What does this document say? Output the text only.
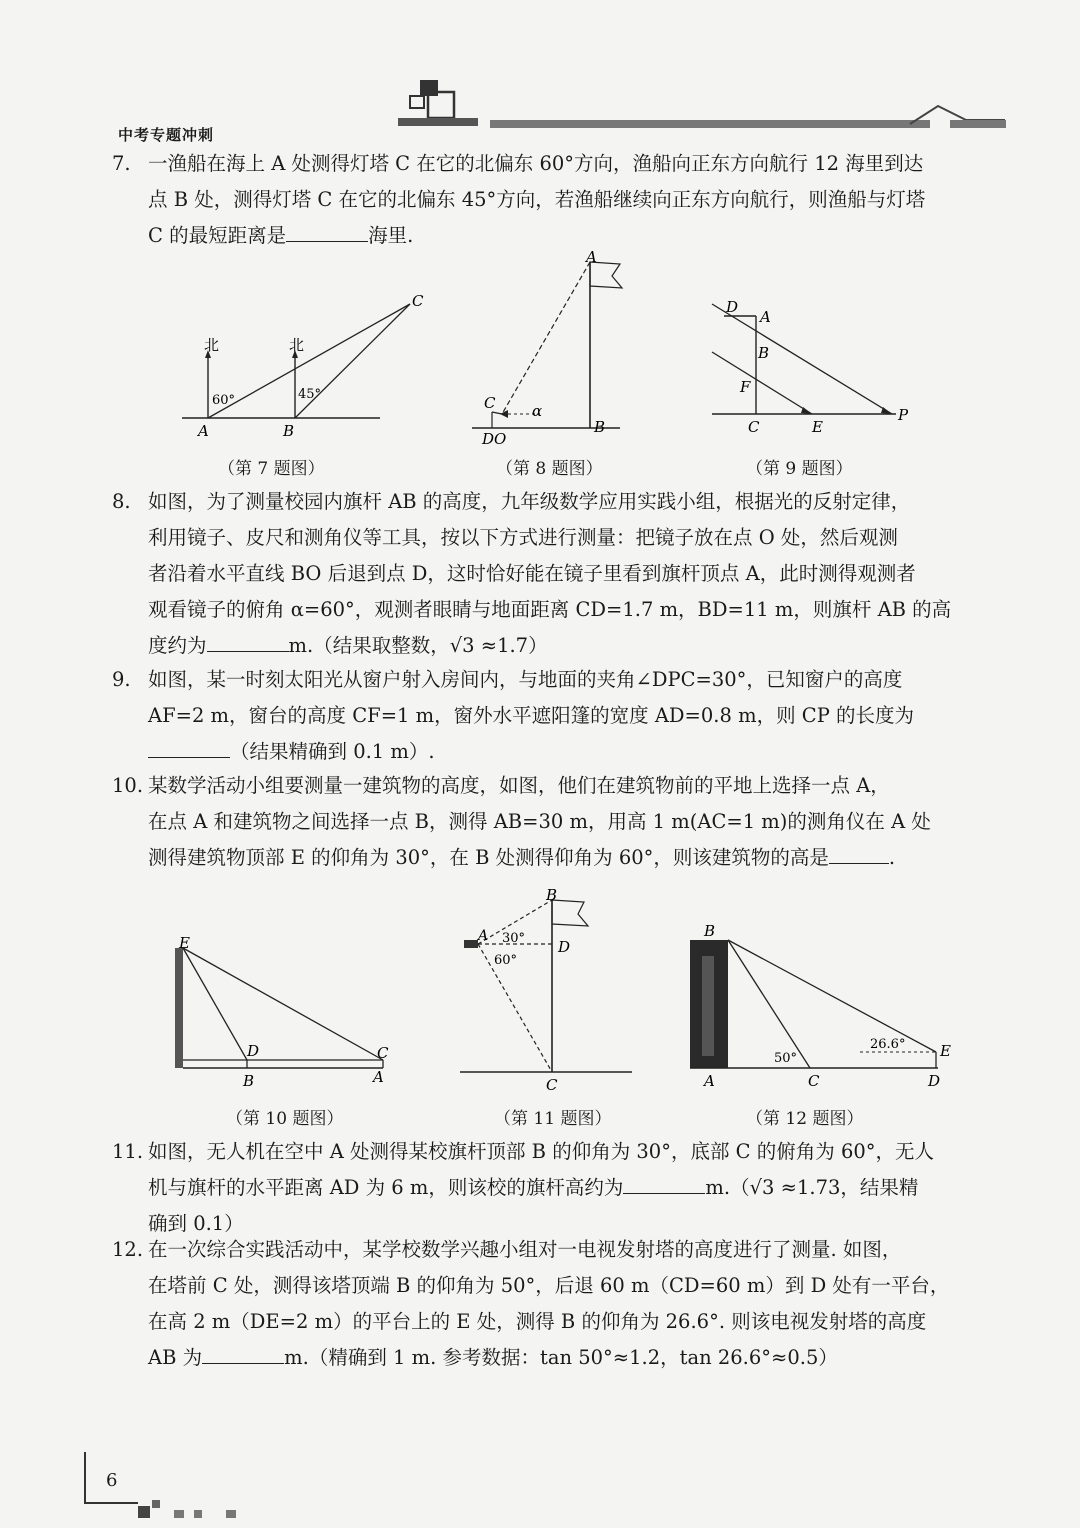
中考专题冲刺
7. 一渔船在海上 A 处测得灯塔 C 在它的北偏东 60°方向，渔船向正东方向航行 12 海里到达
点 B 处，测得灯塔 C 在它的北偏东 45°方向，若渔船继续向正东方向航行，则渔船与灯塔
C 的最短距离是	海里.
北	北
60°	45°
A	B
C
（第 7 题图）
A
B
C
D O
α
（第 8 题图）
D
A
B
F
C	E
P
（第 9 题图）
8. 如图，为了测量校园内旗杆 AB 的高度，九年级数学应用实践小组，根据光的反射定律，
利用镜子、皮尺和测角仪等工具，按以下方式进行测量：把镜子放在点 O 处，然后观测
者沿着水平直线 BO 后退到点 D，这时恰好能在镜子里看到旗杆顶点 A，此时测得观测者
观看镜子的俯角 α=60°，观测者眼睛与地面距离 CD=1.7 m，BD=11 m，则旗杆 AB 的高
度约为	m.（结果取整数，√3 ≈1.7）
9. 如图，某一时刻太阳光从窗户射入房间内，与地面的夹角∠DPC=30°，已知窗户的高度
AF=2 m，窗台的高度 CF=1 m，窗外水平遮阳篷的宽度 AD=0.8 m，则 CP 的长度为
（结果精确到 0.1 m）.
10. 某数学活动小组要测量一建筑物的高度，如图，他们在建筑物前的平地上选择一点 A，
在点 A 和建筑物之间选择一点 B，测得 AB=30 m，用高 1 m(AC=1 m)的测角仪在 A 处
测得建筑物顶部 E 的仰角为 30°，在 B 处测得仰角为 60°，则该建筑物的高是	.
E
D
B
C
A
（第 10 题图）
A
B
D
C
30°
60°
（第 11 题图）
B
A	C	D
E
50°
26.6°
（第 12 题图）
11. 如图，无人机在空中 A 处测得某校旗杆顶部 B 的仰角为 30°，底部 C 的俯角为 60°，无人
机与旗杆的水平距离 AD 为 6 m，则该校的旗杆高约为	m.（√3 ≈1.73，结果精
确到 0.1）
12. 在一次综合实践活动中，某学校数学兴趣小组对一电视发射塔的高度进行了测量. 如图，
在塔前 C 处，测得该塔顶端 B 的仰角为 50°，后退 60 m（CD=60 m）到 D 处有一平台，
在高 2 m（DE=2 m）的平台上的 E 处，测得 B 的仰角为 26.6°. 则该电视发射塔的高度
AB 为	m.（精确到 1 m. 参考数据：tan 50°≈1.2，tan 26.6°≈0.5）
6
